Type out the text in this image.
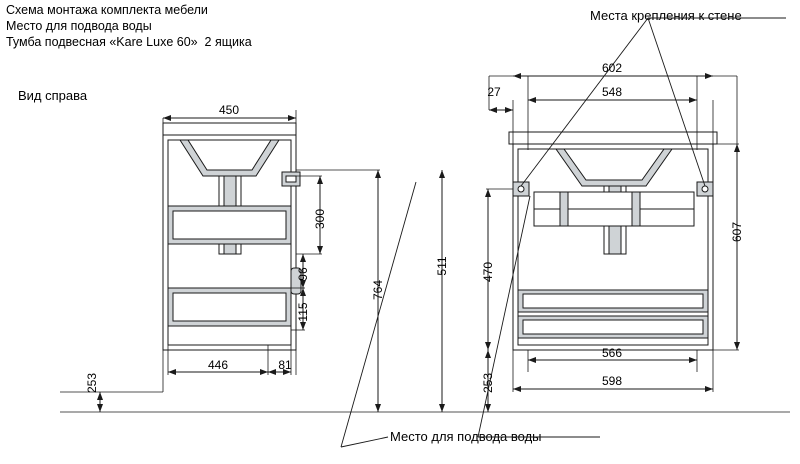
Схема монтажа комплекта мебели
Место для подвода воды
Тумба подвесная «Kare Luxe 60»  2 ящика
Вид справа
Места крепления к стене
Место для подвода воды
450
446	81
300
96
115
764
253
602
548
27
607
511	470
253
566
598
